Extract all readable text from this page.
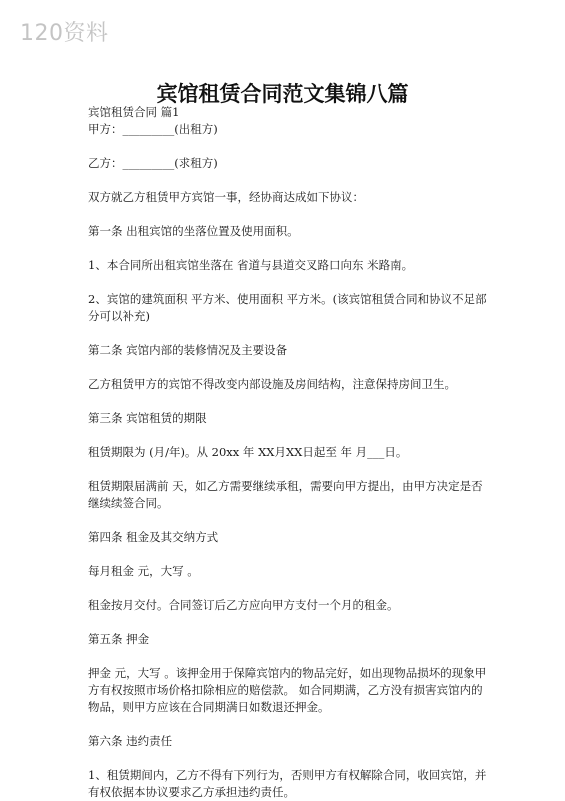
120资料
宾馆租赁合同范文集锦八篇

宾馆租赁合同 篇1

甲方：_________(出租方)

乙方：_________(求租方)

双方就乙方租赁甲方宾馆一事，经协商达成如下协议：

第一条 出租宾馆的坐落位置及使用面积。

1、本合同所出租宾馆坐落在 省道与县道交叉路口向东 米路南。

2、宾馆的建筑面积 平方米、使用面积 平方米。(该宾馆租赁合同和协议不足部分可以补充)

第二条 宾馆内部的装修情况及主要设备

乙方租赁甲方的宾馆不得改变内部设施及房间结构，注意保持房间卫生。

第三条 宾馆租赁的期限

租赁期限为 (月/年)。从 20xx 年 XX月XX日起至 年 月___日。

租赁期限届满前 天，如乙方需要继续承租，需要向甲方提出，由甲方决定是否继续续签合同。

第四条 租金及其交纳方式

每月租金 元，大写 。

租金按月交付。合同签订后乙方应向甲方支付一个月的租金。

第五条 押金

押金 元，大写 。该押金用于保障宾馆内的物品完好，如出现物品损坏的现象甲方有权按照市场价格扣除相应的赔偿款。 如合同期满，乙方没有损害宾馆内的物品，则甲方应该在合同期满日如数退还押金。

第六条 违约责任

1、租赁期间内，乙方不得有下列行为，否则甲方有权解除合同，收回宾馆，并有权依据本协议要求乙方承担违约责任。
